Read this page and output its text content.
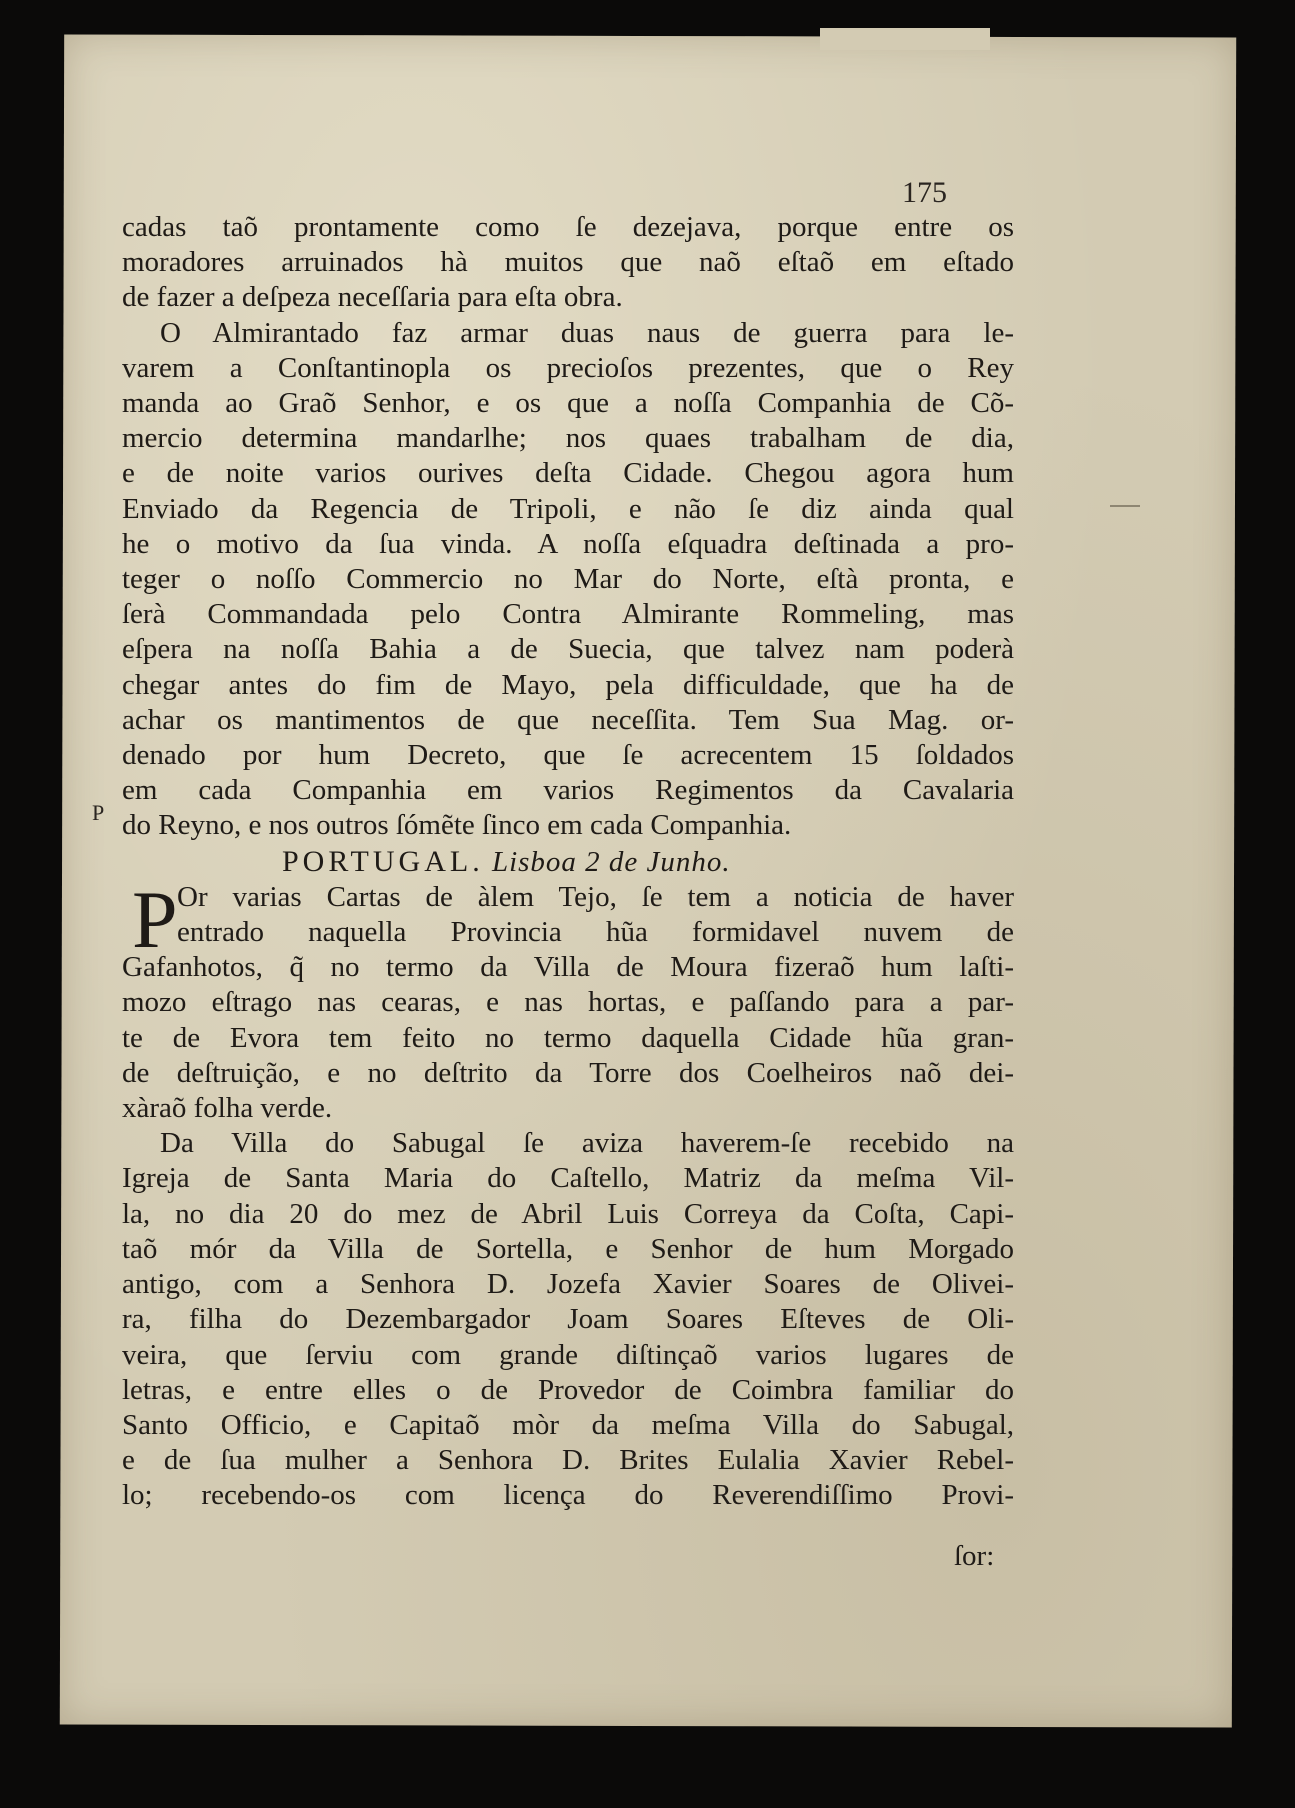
175
P
cadas taõ prontamente como ſe dezejava, porque entre os
moradores arruinados hà muitos que naõ eſtaõ em eſtado
de fazer a deſpeza neceſſaria para eſta obra.
O Almirantado faz armar duas naus de guerra para le-
varem a Conſtantinopla os precioſos prezentes, que o Rey
manda ao Graõ Senhor, e os que a noſſa Companhia de Cõ-
mercio determina mandarlhe; nos quaes trabalham de dia,
e de noite varios ourives deſta Cidade. Chegou agora hum
Enviado da Regencia de Tripoli, e não ſe diz ainda qual
he o motivo da ſua vinda. A noſſa eſquadra deſtinada a pro-
teger o noſſo Commercio no Mar do Norte, eſtà pronta, e
ſerà Commandada pelo Contra Almirante Rommeling, mas
eſpera na noſſa Bahia a de Suecia, que talvez nam poderà
chegar antes do fim de Mayo, pela difficuldade, que ha de
achar os mantimentos de que neceſſita. Tem Sua Mag. or-
denado por hum Decreto, que ſe acrecentem 15 ſoldados
em cada Companhia em varios Regimentos da Cavalaria
do Reyno, e nos outros ſómẽte ſinco em cada Companhia.
PORTUGAL. Lisboa 2 de Junho.
P Or varias Cartas de àlem Tejo, ſe tem a noticia de haver
entrado naquella Provincia hũa formidavel nuvem de
Gafanhotos, q̃ no termo da Villa de Moura fizeraõ hum laſti-
mozo eſtrago nas cearas, e nas hortas, e paſſando para a par-
te de Evora tem feito no termo daquella Cidade hũa gran-
de deſtruição, e no deſtrito da Torre dos Coelheiros naõ dei-
xàraõ folha verde.
Da Villa do Sabugal ſe aviza haverem-ſe recebido na
Igreja de Santa Maria do Caſtello, Matriz da meſma Vil-
la, no dia 20 do mez de Abril Luis Correya da Coſta, Capi-
taõ mór da Villa de Sortella, e Senhor de hum Morgado
antigo, com a Senhora D. Jozefa Xavier Soares de Olivei-
ra, filha do Dezembargador Joam Soares Eſteves de Oli-
veira, que ſerviu com grande diſtinçaõ varios lugares de
letras, e entre elles o de Provedor de Coimbra familiar do
Santo Officio, e Capitaõ mòr da meſma Villa do Sabugal,
e de ſua mulher a Senhora D. Brites Eulalia Xavier Rebel-
lo; recebendo-os com licença do Reverendiſſimo Provi-
ſor:
